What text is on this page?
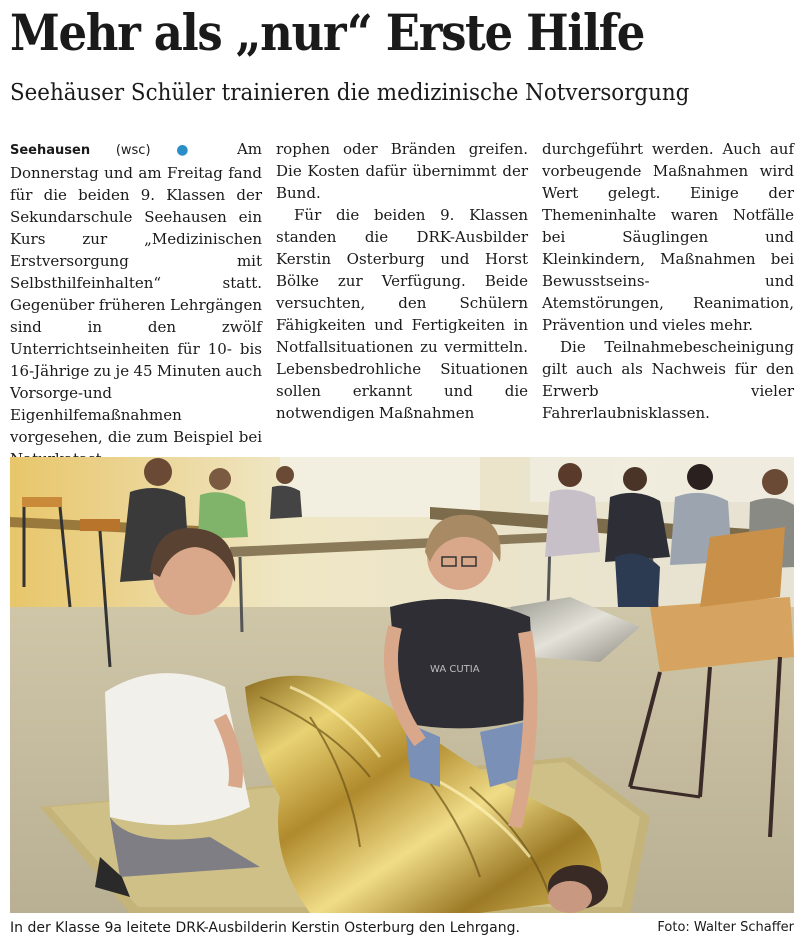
Mehr als „nur“ Erste Hilfe
Seehäuser Schüler trainieren die medizinische Notversorgung

Seehausen (wsc) ● Am Donnerstag und am Freitag fand für die beiden 9. Klassen der Sekundarschule Seehausen ein Kurs zur „Medizinischen Erstversorgung mit Selbsthilfeinhalten“ statt. Gegenüber früheren Lehrgängen sind in den zwölf Unterrichtseinheiten für 10- bis 16-Jährige zu je 45 Minuten auch Vorsorge-und Eigenhilfemaßnahmen vorgesehen, die zum Beispiel bei

rophen oder Bränden greifen. Die Kosten dafür übernimmt der Bund.

Für die beiden 9. Klassen standen die DRK-Ausbilder Kerstin Osterburg und Horst Bölke zur Verfügung. Beide versuchten, den Schülern Fähigkeiten und Fertigkeiten in Notfallsituationen zu vermitteln. Lebensbedrohliche Situationen sollen erkannt und die notwendigen Maßnahmen

durchgeführt werden. Auch auf vorbeugende Maßnahmen wird Wert gelegt. Einige der Themeninhalte waren Notfälle bei Säuglingen und Kleinkindern, Maßnahmen bei Bewusstseins- und Atemstörungen, Reanimation, Prävention und vieles mehr.

Die Teilnahmebescheinigung gilt auch als Nachweis für den Erwerb vieler Fahrerlaubnisklassen.

WA CUTIA
In der Klasse 9a leitete DRK-Ausbilderin Kerstin Osterburg den Lehrgang.	Foto: Walter Schaffer
